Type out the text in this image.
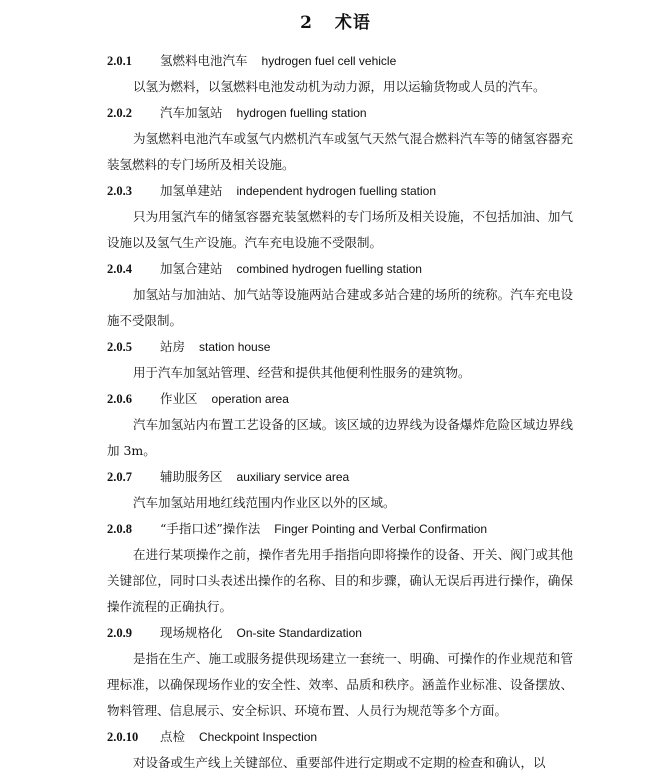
2 术语
2.0.1 氢燃料电池汽车 hydrogen fuel cell vehicle

以氢为燃料，以氢燃料电池发动机为动力源，用以运输货物或人员的汽车。

2.0.2 汽车加氢站 hydrogen fuelling station

为氢燃料电池汽车或氢气内燃机汽车或氢气天然气混合燃料汽车等的储氢容器充装氢燃料的专门场所及相关设施。

2.0.3 加氢单建站 independent hydrogen fuelling station

只为用氢汽车的储氢容器充装氢燃料的专门场所及相关设施，不包括加油、加气设施以及氢气生产设施。汽车充电设施不受限制。

2.0.4 加氢合建站 combined hydrogen fuelling station

加氢站与加油站、加气站等设施两站合建或多站合建的场所的统称。汽车充电设施不受限制。

2.0.5 站房 station house

用于汽车加氢站管理、经营和提供其他便利性服务的建筑物。

2.0.6 作业区 operation area

汽车加氢站内布置工艺设备的区域。该区域的边界线为设备爆炸危险区域边界线加 3m。

2.0.7 辅助服务区 auxiliary service area

汽车加氢站用地红线范围内作业区以外的区域。

2.0.8 “手指口述”操作法 Finger Pointing and Verbal Confirmation

在进行某项操作之前，操作者先用手指指向即将操作的设备、开关、阀门或其他关键部位，同时口头表述出操作的名称、目的和步骤，确认无误后再进行操作，确保操作流程的正确执行。

2.0.9 现场规格化 On-site Standardization

是指在生产、施工或服务提供现场建立一套统一、明确、可操作的作业规范和管理标准，以确保现场作业的安全性、效率、品质和秩序。涵盖作业标准、设备摆放、物料管理、信息展示、安全标识、环境布置、人员行为规范等多个方面。

2.0.10 点检 Checkpoint Inspection

对设备或生产线上关键部位、重要部件进行定期或不定期的检查和确认，以
